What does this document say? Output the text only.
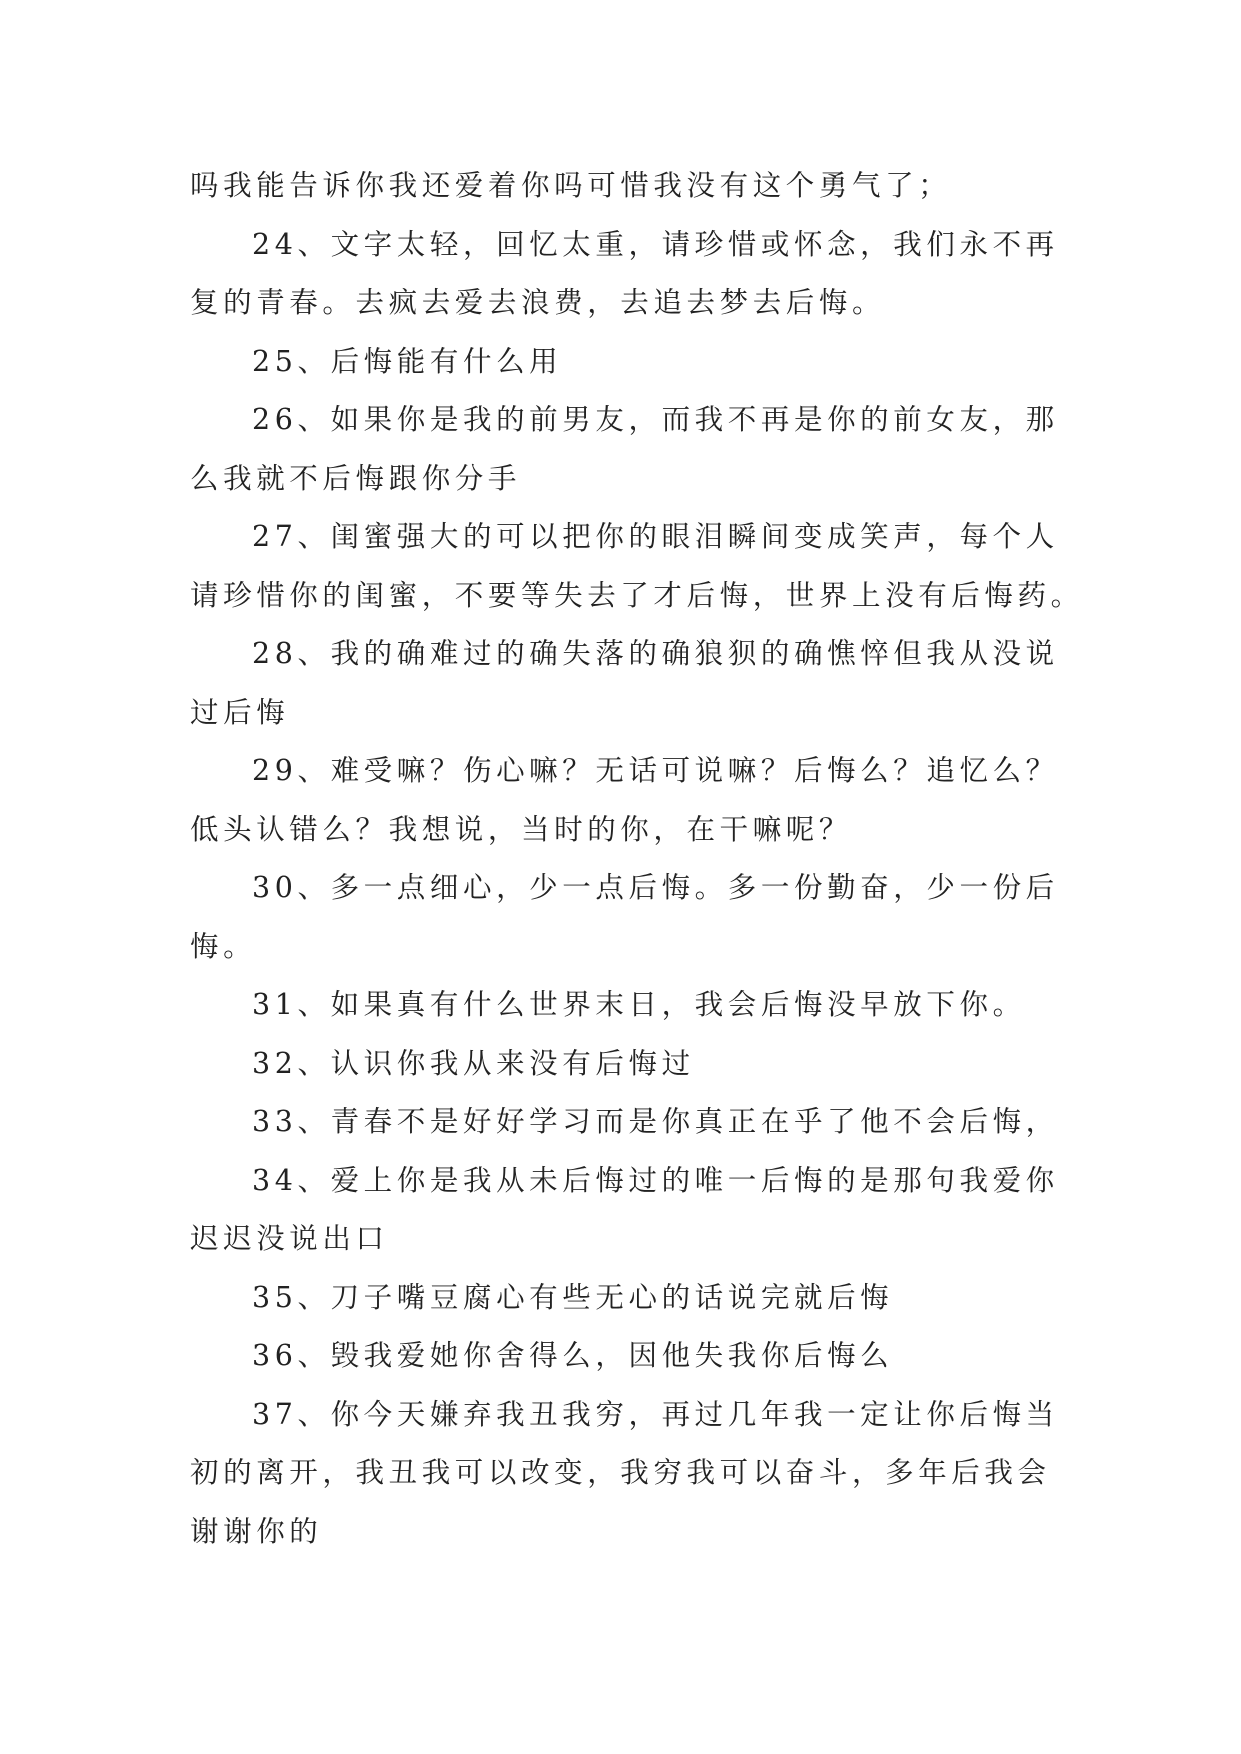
吗我能告诉你我还爱着你吗可惜我没有这个勇气了；
24、文字太轻，回忆太重，请珍惜或怀念，我们永不再
复的青春。去疯去爱去浪费，去追去梦去后悔。
25、后悔能有什么用
26、如果你是我的前男友，而我不再是你的前女友，那
么我就不后悔跟你分手
27、闺蜜强大的可以把你的眼泪瞬间变成笑声，每个人
请珍惜你的闺蜜，不要等失去了才后悔，世界上没有后悔药。
28、我的确难过的确失落的确狼狈的确憔悴但我从没说
过后悔
29、难受嘛？伤心嘛？无话可说嘛？后悔么？追忆么？
低头认错么？我想说，当时的你，在干嘛呢？
30、多一点细心，少一点后悔。多一份勤奋，少一份后
悔。
31、如果真有什么世界末日，我会后悔没早放下你。
32、认识你我从来没有后悔过
33、青春不是好好学习而是你真正在乎了他不会后悔，
34、爱上你是我从未后悔过的唯一后悔的是那句我爱你
迟迟没说出口
35、刀子嘴豆腐心有些无心的话说完就后悔
36、毁我爱她你舍得么，因他失我你后悔么
37、你今天嫌弃我丑我穷，再过几年我一定让你后悔当
初的离开，我丑我可以改变，我穷我可以奋斗，多年后我会
谢谢你的
